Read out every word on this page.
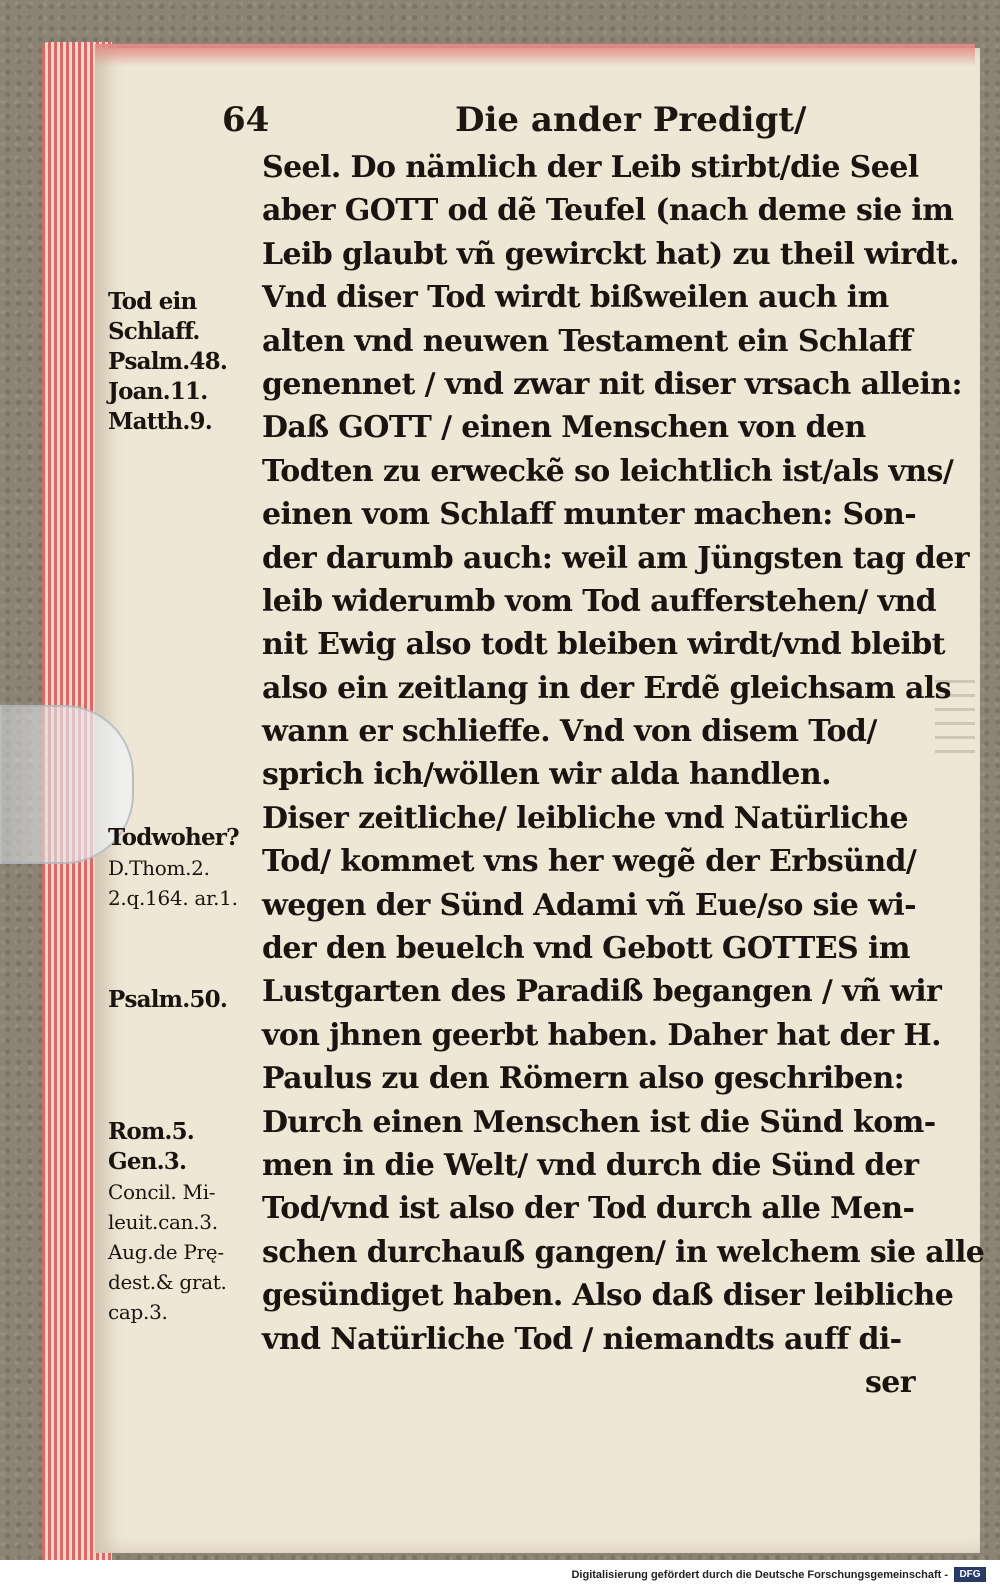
64	Die ander Predigt/
Seel. Do nämlich der Leib stirbt/die Seel
aber GOTT od dẽ Teufel (nach deme sie im
Leib glaubt vñ gewirckt hat) zu theil wirdt.
Vnd diser Tod wirdt bißweilen auch im
alten vnd neuwen Testament ein Schlaff
genennet / vnd zwar nit diser vrsach allein:
Daß GOTT / einen Menschen von den
Todten zu erweckẽ so leichtlich ist/als vns/
einen vom Schlaff munter machen: Son-
der darumb auch: weil am Jüngsten tag der
leib widerumb vom Tod aufferstehen/ vnd
nit Ewig also todt bleiben wirdt/vnd bleibt
also ein zeitlang in der Erdẽ gleichsam als
wann er schlieffe. Vnd von disem Tod/
sprich ich/wöllen wir alda handlen.
Diser zeitliche/ leibliche vnd Natürliche
Tod/ kommet vns her wegẽ der Erbsünd/
wegen der Sünd Adami vñ Eue/so sie wi-
der den beuelch vnd Gebott GOTTES im
Lustgarten des Paradiß begangen / vñ wir
von jhnen geerbt haben. Daher hat der H.
Paulus zu den Römern also geschriben:
Durch einen Menschen ist die Sünd kom-
men in die Welt/ vnd durch die Sünd der
Tod/vnd ist also der Tod durch alle Men-
schen durchauß gangen/ in welchem sie alle
gesündiget haben. Also daß diser leibliche
vnd Natürliche Tod / niemandts auff di-
ser
Tod ein
Schlaff.
Psalm.48.
Joan.11.
Matth.9.
Todwoher?
D.Thom.2.
2.q.164. ar.1.
Psalm.50.
Rom.5.
Gen.3.
Concil. Mi-
leuit.can.3.
Aug.de Prę-
dest.& grat.
cap.3.
Digitalisierung gefördert durch die Deutsche Forschungsgemeinschaft -	DFG
